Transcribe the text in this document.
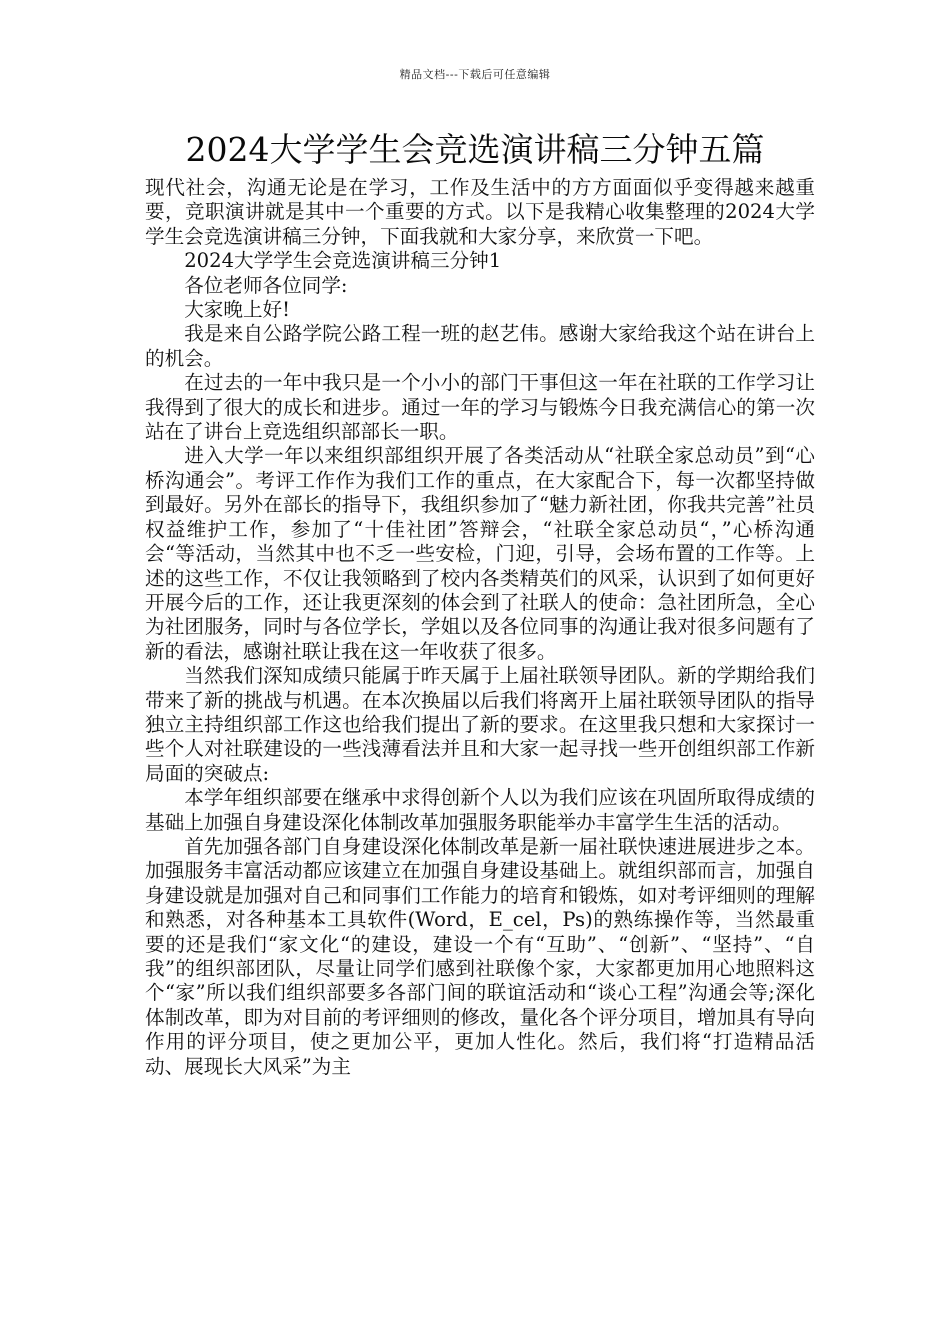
精品文档---下载后可任意编辑
2024大学学生会竞选演讲稿三分钟五篇

现代社会，沟通无论是在学习，工作及生活中的方方面面似乎变得越来越重要，竞职演讲就是其中一个重要的方式。以下是我精心收集整理的2024大学学生会竞选演讲稿三分钟，下面我就和大家分享，来欣赏一下吧。

2024大学学生会竞选演讲稿三分钟1

各位老师各位同学:

大家晚上好!

我是来自公路学院公路工程一班的赵艺伟。感谢大家给我这个站在讲台上的机会。

在过去的一年中我只是一个小小的部门干事但这一年在社联的工作学习让我得到了很大的成长和进步。通过一年的学习与锻炼今日我充满信心的第一次站在了讲台上竞选组织部部长一职。

进入大学一年以来组织部组织开展了各类活动从“社联全家总动员”到“心桥沟通会”。考评工作作为我们工作的重点，在大家配合下，每一次都坚持做到最好。另外在部长的指导下，我组织参加了“魅力新社团，你我共完善”社员权益维护工作，参加了“十佳社团”答辩会，“社联全家总动员“，”心桥沟通会“等活动，当然其中也不乏一些安检，门迎，引导，会场布置的工作等。上述的这些工作，不仅让我领略到了校内各类精英们的风采，认识到了如何更好开展今后的工作，还让我更深刻的体会到了社联人的使命：急社团所急，全心为社团服务，同时与各位学长，学姐以及各位同事的沟通让我对很多问题有了新的看法，感谢社联让我在这一年收获了很多。

当然我们深知成绩只能属于昨天属于上届社联领导团队。新的学期给我们带来了新的挑战与机遇。在本次换届以后我们将离开上届社联领导团队的指导独立主持组织部工作这也给我们提出了新的要求。在这里我只想和大家探讨一些个人对社联建设的一些浅薄看法并且和大家一起寻找一些开创组织部工作新局面的突破点:

本学年组织部要在继承中求得创新个人以为我们应该在巩固所取得成绩的基础上加强自身建设深化体制改革加强服务职能举办丰富学生生活的活动。

首先加强各部门自身建设深化体制改革是新一届社联快速进展进步之本。加强服务丰富活动都应该建立在加强自身建设基础上。就组织部而言，加强自身建设就是加强对自己和同事们工作能力的培育和锻炼，如对考评细则的理解和熟悉，对各种基本工具软件(Word，E_cel，Ps)的熟练操作等，当然最重要的还是我们“家文化“的建设，建设一个有“互助”、“创新”、“坚持”、“自我”的组织部团队，尽量让同学们感到社联像个家，大家都更加用心地照料这个“家”所以我们组织部要多各部门间的联谊活动和“谈心工程”沟通会等;深化体制改革，即为对目前的考评细则的修改，量化各个评分项目，增加具有导向作用的评分项目，使之更加公平，更加人性化。然后，我们将“打造精品活动、展现长大风采”为主
